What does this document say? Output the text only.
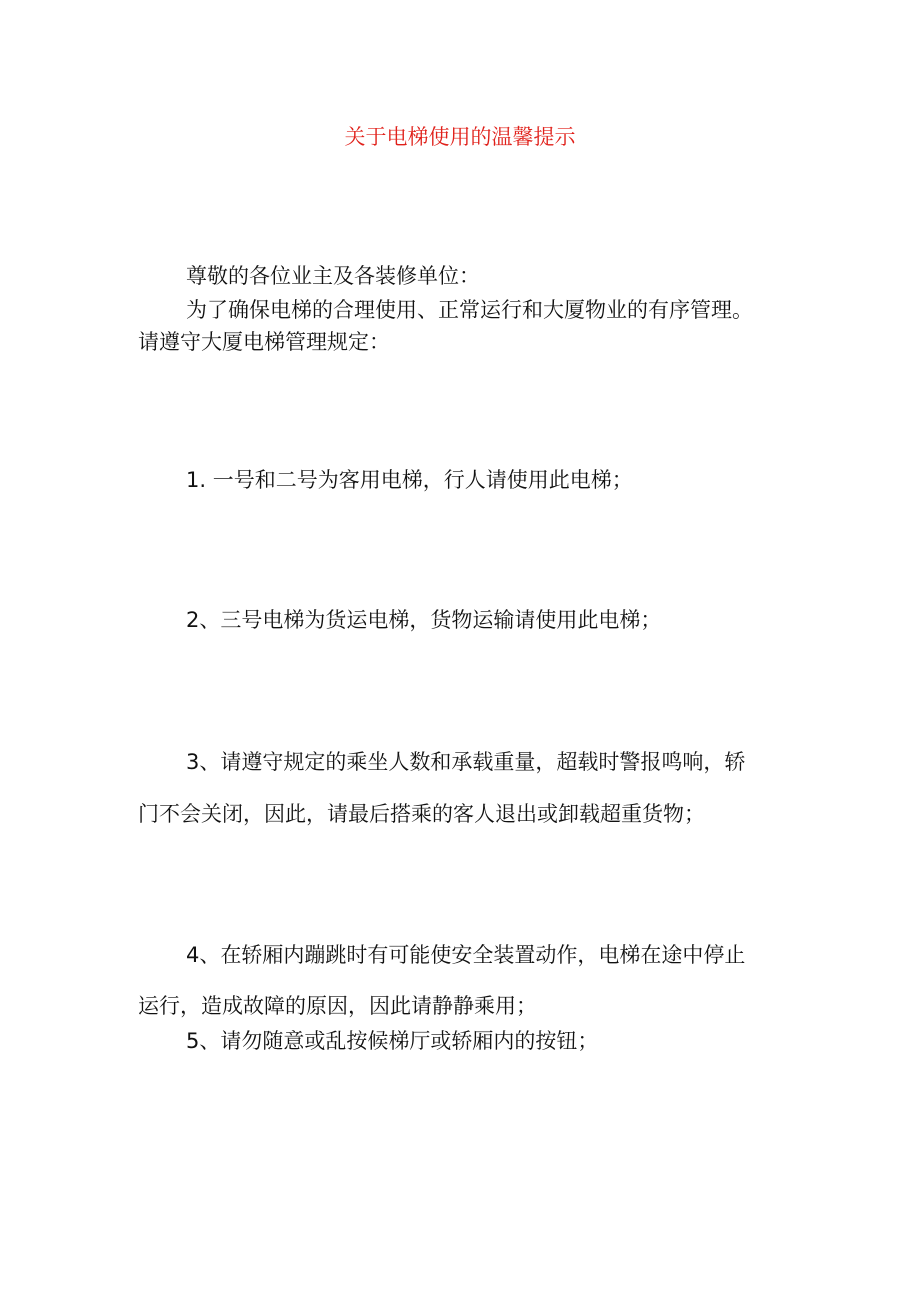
关于电梯使用的温馨提示
尊敬的各位业主及各装修单位：
为了确保电梯的合理使用、正常运行和大厦物业的有序管理。
请遵守大厦电梯管理规定：
1. 一号和二号为客用电梯，行人请使用此电梯；
2、三号电梯为货运电梯，货物运输请使用此电梯；
3、请遵守规定的乘坐人数和承载重量，超载时警报鸣响，轿
门不会关闭，因此，请最后搭乘的客人退出或卸载超重货物；
4、在轿厢内蹦跳时有可能使安全装置动作，电梯在途中停止
运行，造成故障的原因，因此请静静乘用；
5、请勿随意或乱按候梯厅或轿厢内的按钮；
